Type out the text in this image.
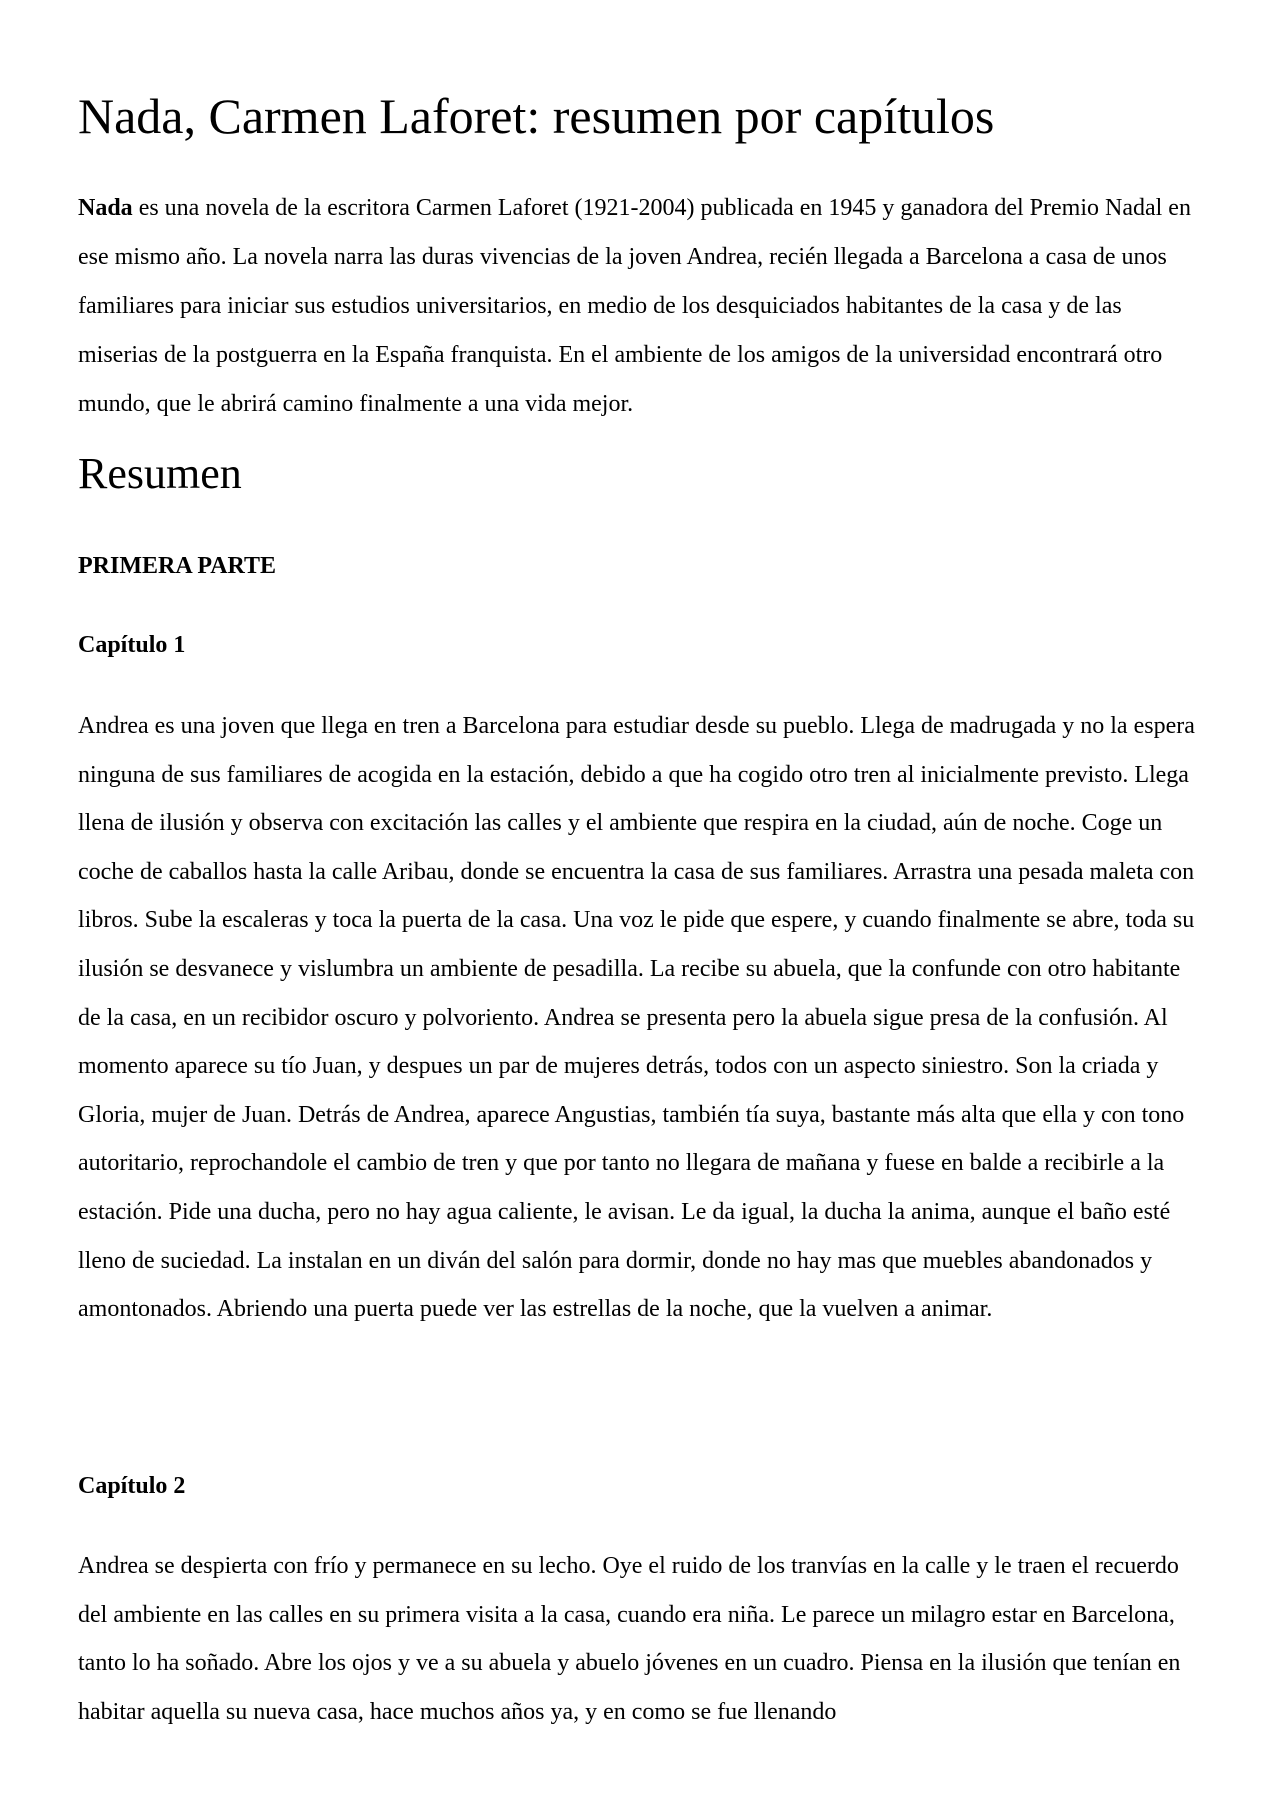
Nada, Carmen Laforet: resumen por capítulos

Nada es una novela de la escritora Carmen Laforet (1921-2004) publicada en 1945 y ganadora del Premio Nadal en ese mismo año. La novela narra las duras vivencias de la joven Andrea, recién llegada a Barcelona a casa de unos familiares para iniciar sus estudios universitarios, en medio de los desquiciados habitantes de la casa y de las miserias de la postguerra en la España franquista. En el ambiente de los amigos de la universidad encontrará otro mundo, que le abrirá camino finalmente a una vida mejor.

Resumen
PRIMERA PARTE
Capítulo 1

Andrea es una joven que llega en tren a Barcelona para estudiar desde su pueblo. Llega de madrugada y no la espera ninguna de sus familiares de acogida en la estación, debido a que ha cogido otro tren al inicialmente previsto. Llega llena de ilusión y observa con excitación las calles y el ambiente que respira en la ciudad, aún de noche. Coge un coche de caballos hasta la calle Aribau, donde se encuentra la casa de sus familiares. Arrastra una pesada maleta con libros. Sube la escaleras y toca la puerta de la casa. Una voz le pide que espere, y cuando finalmente se abre, toda su ilusión se desvanece y vislumbra un ambiente de pesadilla. La recibe su abuela, que la confunde con otro habitante de la casa, en un recibidor oscuro y polvoriento. Andrea se presenta pero la abuela sigue presa de la confusión. Al momento aparece su tío Juan, y despues un par de mujeres detrás, todos con un aspecto siniestro. Son la criada y Gloria, mujer de Juan. Detrás de Andrea, aparece Angustias, también tía suya, bastante más alta que ella y con tono autoritario, reprochandole el cambio de tren y que por tanto no llegara de mañana y fuese en balde a recibirle a la estación. Pide una ducha, pero no hay agua caliente, le avisan. Le da igual, la ducha la anima, aunque el baño esté lleno de suciedad. La instalan en un diván del salón para dormir, donde no hay mas que muebles abandonados y amontonados. Abriendo una puerta puede ver las estrellas de la noche, que la vuelven a animar.

Capítulo 2

Andrea se despierta con frío y permanece en su lecho. Oye el ruido de los tranvías en la calle y le traen el recuerdo del ambiente en las calles en su primera visita a la casa, cuando era niña. Le parece un milagro estar en Barcelona, tanto lo ha soñado. Abre los ojos y ve a su abuela y abuelo jóvenes en un cuadro. Piensa en la ilusión que tenían en habitar aquella su nueva casa, hace muchos años ya, y en como se fue llenando
